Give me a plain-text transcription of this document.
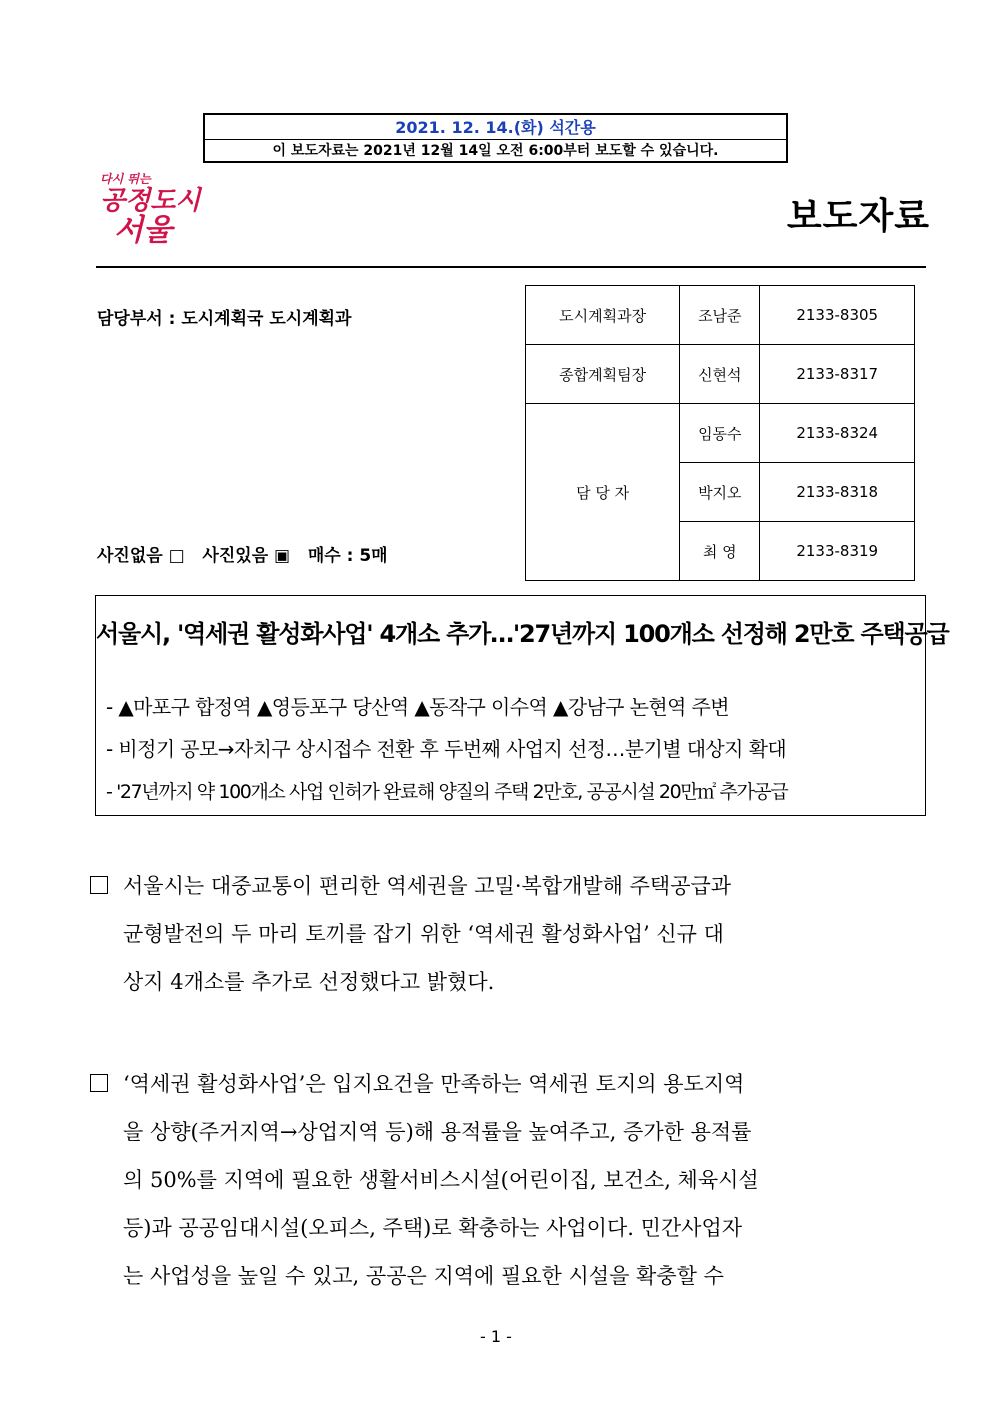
2021. 12. 14.(화) 석간용
이 보도자료는 2021년 12월 14일 오전 6:00부터 보도할 수 있습니다.
다시 뛰는
공정도시
서울	보도자료
담당부서 : 도시계획국 도시계획과
사진없음 □   사진있음 ▣   매수 : 5매
도시계획과장	조남준	2133-8305
종합계획팀장	신현석	2133-8317
담 당 자	임동수	2133-8324
	박지오	2133-8318
	최 영	2133-8319
서울시, '역세권 활성화사업' 4개소 추가…'27년까지 100개소 선정해 2만호 주택공급
- ▲마포구 합정역 ▲영등포구 당산역 ▲동작구 이수역 ▲강남구 논현역 주변
- 비정기 공모→자치구 상시접수 전환 후 두번째 사업지 선정…분기별 대상지 확대
- '27년까지 약 100개소 사업 인허가 완료해 양질의 주택 2만호, 공공시설 20만㎡ 추가공급
서울시는 대중교통이 편리한 역세권을 고밀·복합개발해 주택공급과
균형발전의 두 마리 토끼를 잡기 위한 ‘역세권 활성화사업’ 신규 대
상지 4개소를 추가로 선정했다고 밝혔다.
‘역세권 활성화사업’은 입지요건을 만족하는 역세권 토지의 용도지역
을 상향(주거지역→상업지역 등)해 용적률을 높여주고, 증가한 용적률
의 50%를 지역에 필요한 생활서비스시설(어린이집, 보건소, 체육시설
등)과 공공임대시설(오피스, 주택)로 확충하는 사업이다. 민간사업자
는 사업성을 높일 수 있고, 공공은 지역에 필요한 시설을 확충할 수
- 1 -
